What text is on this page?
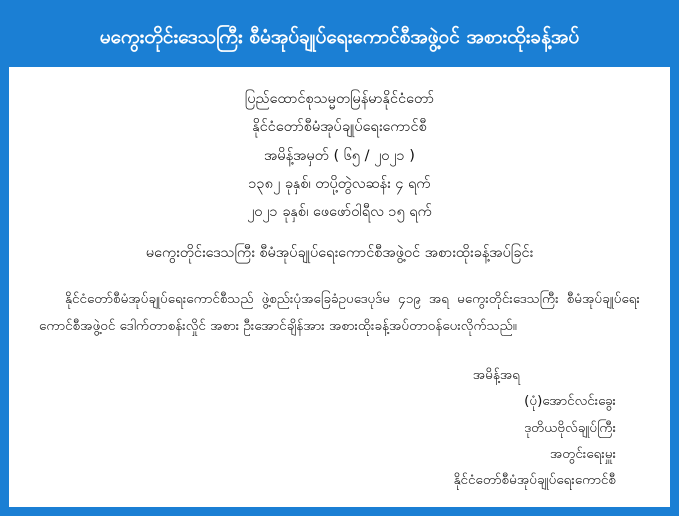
မကွေးတိုင်းဒေသကြီး စီမံအုပ်ချုပ်ရေးကောင်စီအဖွဲ့ဝင် အစားထိုးခန့်အပ်
ပြည်ထောင်စုသမ္မတမြန်မာနိုင်ငံတော်
နိုင်ငံတော်စီမံအုပ်ချုပ်ရေးကောင်စီ
အမိန့်အမှတ် ( ၆၅ / ၂၀၂၁ )
၁၃၈၂ ခုနှစ်၊ တပို့တွဲလဆန်း ၄ ရက်
၂၀၂၁ ခုနှစ်၊ ဖေဖော်ဝါရီလ ၁၅ ရက်
မကွေးတိုင်းဒေသကြီး စီမံအုပ်ချုပ်ရေးကောင်စီအဖွဲ့ဝင် အစားထိုးခန့်အပ်ခြင်း
နိုင်ငံတော်စီမံအုပ်ချုပ်ရေးကောင်စီသည် ဖွဲ့စည်းပုံအခြေခံဥပဒေပုဒ်မ ၄၁၉ အရ မကွေးတိုင်းဒေသကြီး စီမံအုပ်ချုပ်ရေးကောင်စီအဖွဲ့ဝင် ဒေါက်တာစန်းလှိုင် အစား ဦးအောင်ချိန်အား အစားထိုးခန့်အပ်တာဝန်ပေးလိုက်သည်။
အမိန့်အရ
(ပုံ)အောင်လင်းခွေး
ဒုတိယဗိုလ်ချုပ်ကြီး
အတွင်းရေးမှူး
နိုင်ငံတော်စီမံအုပ်ချုပ်ရေးကောင်စီ
